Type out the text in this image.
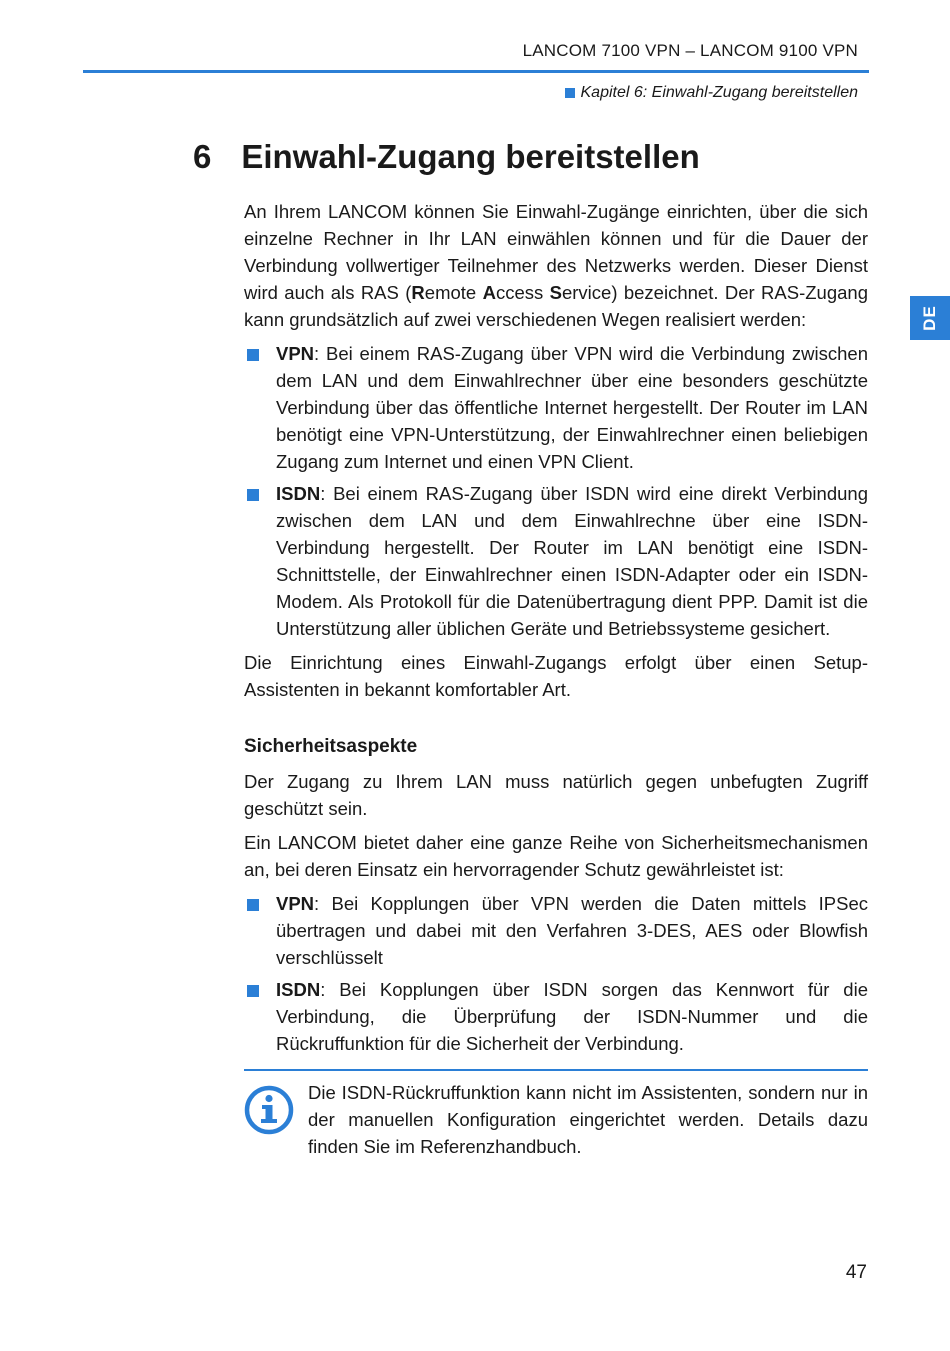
LANCOM 7100 VPN – LANCOM 9100 VPN
Kapitel 6: Einwahl-Zugang bereitstellen
DE
6 Einwahl-Zugang bereitstellen

An Ihrem LANCOM können Sie Einwahl-Zugänge einrichten, über die sich einzelne Rechner in Ihr LAN einwählen können und für die Dauer der Verbindung vollwertiger Teilnehmer des Netzwerks werden. Dieser Dienst wird auch als RAS (Remote Access Service) bezeichnet. Der RAS-Zugang kann grundsätzlich auf zwei verschiedenen Wegen realisiert werden:

VPN: Bei einem RAS-Zugang über VPN wird die Verbindung zwischen dem LAN und dem Einwahlrechner über eine besonders geschützte Verbindung über das öffentliche Internet hergestellt. Der Router im LAN benötigt eine VPN-Unterstützung, der Einwahlrechner einen beliebigen Zugang zum Internet und einen VPN Client.
ISDN: Bei einem RAS-Zugang über ISDN wird eine direkt Verbindung zwischen dem LAN und dem Einwahlrechne über eine ISDN-Verbindung hergestellt. Der Router im LAN benötigt eine ISDN-Schnittstelle, der Einwahlrechner einen ISDN-Adapter oder ein ISDN-Modem. Als Protokoll für die Datenübertragung dient PPP. Damit ist die Unterstützung aller üblichen Geräte und Betriebssysteme gesichert.

Die Einrichtung eines Einwahl-Zugangs erfolgt über einen Setup-Assistenten in bekannt komfortabler Art.

Sicherheitsaspekte

Der Zugang zu Ihrem LAN muss natürlich gegen unbefugten Zugriff geschützt sein.

Ein LANCOM bietet daher eine ganze Reihe von Sicherheitsmechanismen an, bei deren Einsatz ein hervorragender Schutz gewährleistet ist:

VPN: Bei Kopplungen über VPN werden die Daten mittels IPSec übertragen und dabei mit den Verfahren 3-DES, AES oder Blowfish verschlüsselt
ISDN: Bei Kopplungen über ISDN sorgen das Kennwort für die Verbindung, die Überprüfung der ISDN-Nummer und die Rückruffunktion für die Sicherheit der Verbindung.
Die ISDN-Rückruffunktion kann nicht im Assistenten, sondern nur in der manuellen Konfiguration eingerichtet werden. Details dazu finden Sie im Referenzhandbuch.
47
